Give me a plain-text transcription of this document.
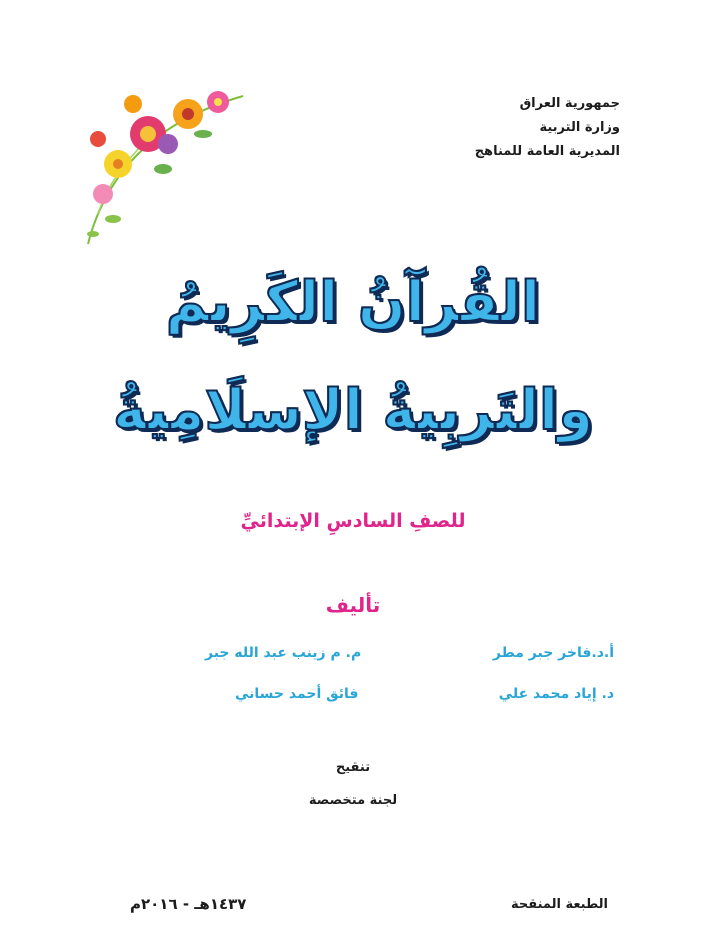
جمهورية العراق
وزارة التربية
المديرية العامة للمناهج
القُرآنُ الكَرِيمُ
والتَربِيةُ الإسلَامِيةُ
للصفِ السادسِ الإبتدائيِّ
تأليف
أ.د.فاخر جبر مطر
م. م زينب عبد الله جبر
د. إياد محمد علي
فائق أحمد حساني
تنقيح
لجنة متخصصة
الطبعة المنقحة
١٤٣٧هـ - ٢٠١٦م
